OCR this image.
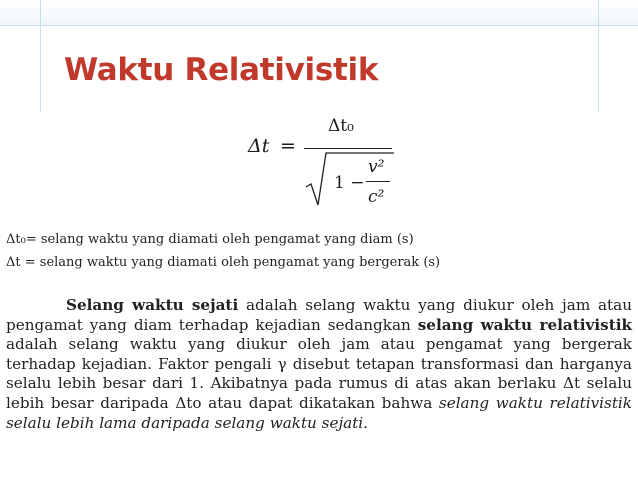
Waktu Relativistik
Δt =
Δt₀
1 −
v²
c²
Δt₀= selang waktu yang diamati oleh pengamat yang diam (s)
Δt = selang waktu yang diamati oleh pengamat yang bergerak (s)
Selang waktu sejati adalah selang waktu yang diukur oleh jam atau pengamat yang diam terhadap kejadian sedangkan selang waktu relativistik adalah selang waktu yang diukur oleh jam atau pengamat yang bergerak terhadap kejadian. Faktor pengali γ disebut tetapan transformasi dan harganya selalu lebih besar dari 1. Akibatnya pada rumus di atas akan berlaku Δt selalu lebih besar daripada Δto atau dapat dikatakan bahwa selang waktu relativistik selalu lebih lama daripada selang waktu sejati.
